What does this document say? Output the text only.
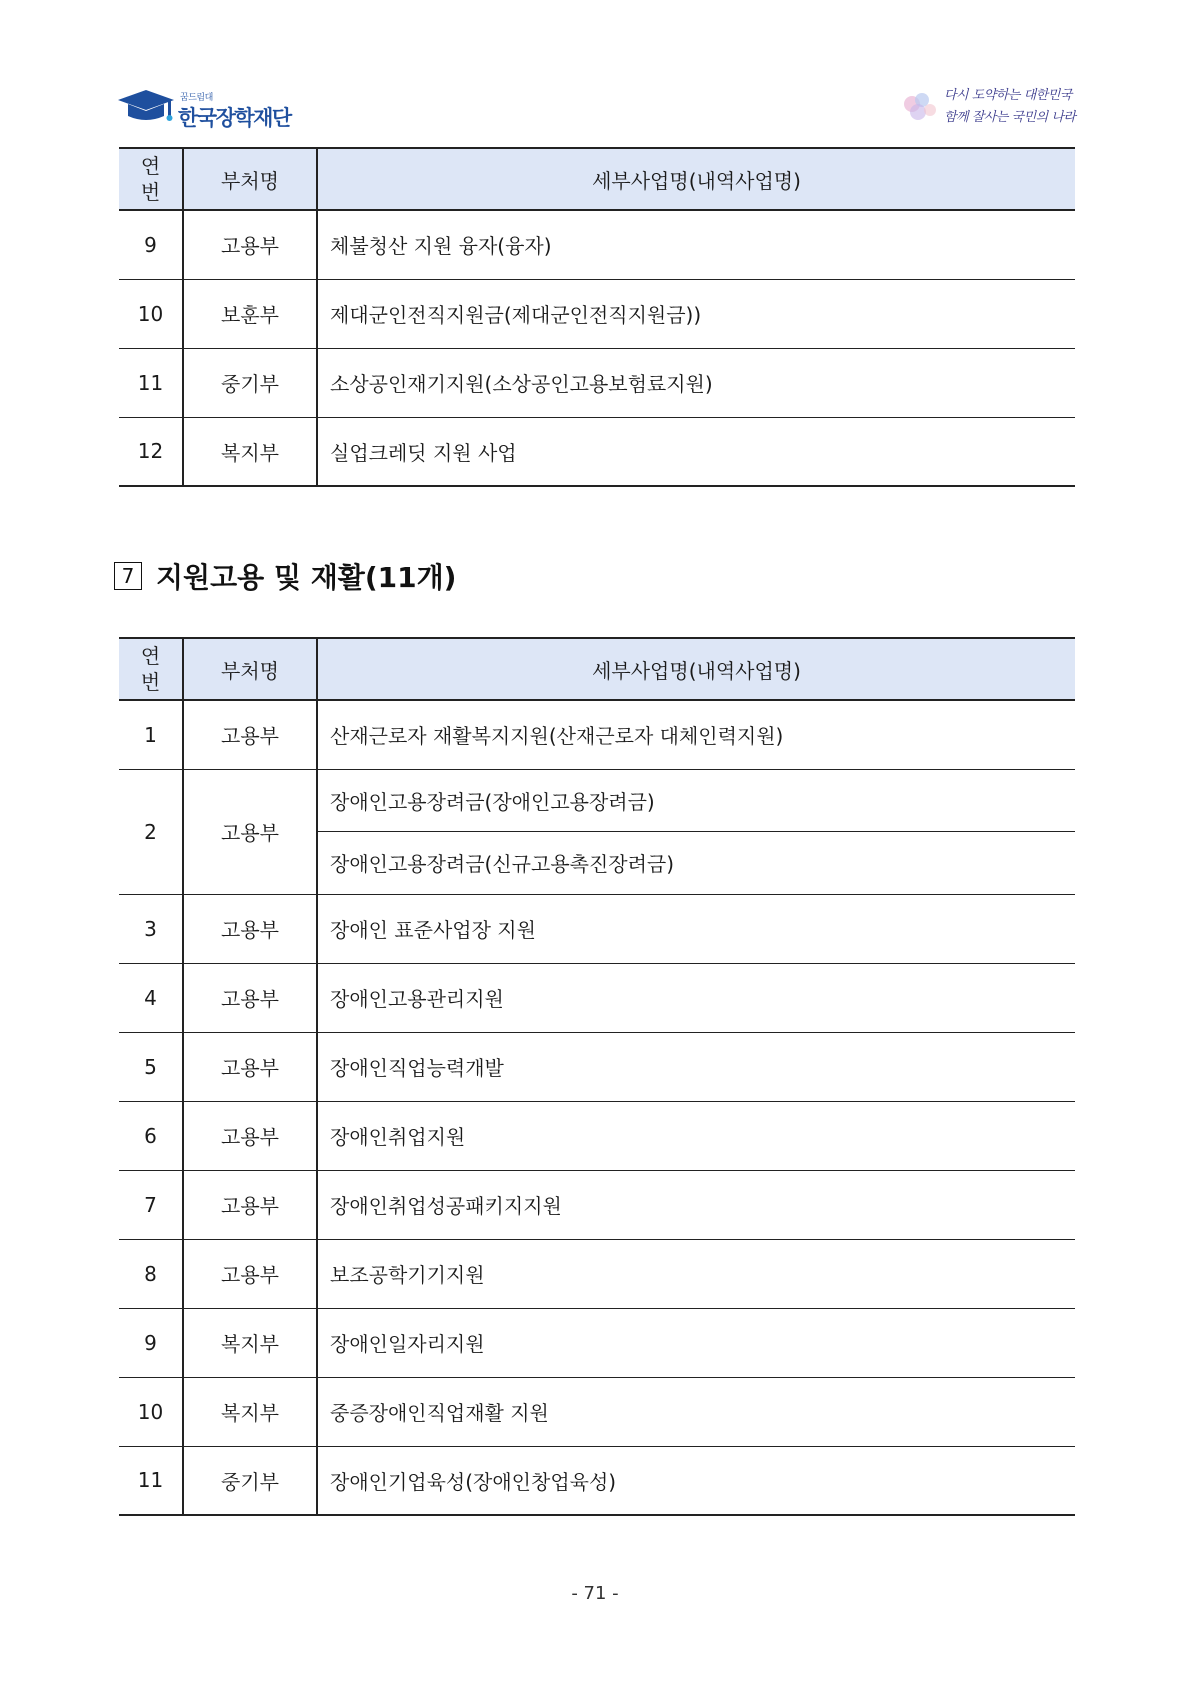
꿈드림대
한국장학재단
다시 도약하는 대한민국
함께 잘사는 국민의 나라
연
번	부처명	세부사업명(내역사업명)
9	고용부	체불청산 지원 융자(융자)
10	보훈부	제대군인전직지원금(제대군인전직지원금))
11	중기부	소상공인재기지원(소상공인고용보험료지원)
12	복지부	실업크레딧 지원 사업
7 지원고용 및 재활(11개)
연
번	부처명	세부사업명(내역사업명)
1	고용부	산재근로자 재활복지지원(산재근로자 대체인력지원)
2	고용부	장애인고용장려금(장애인고용장려금)
		장애인고용장려금(신규고용촉진장려금)
3	고용부	장애인 표준사업장 지원
4	고용부	장애인고용관리지원
5	고용부	장애인직업능력개발
6	고용부	장애인취업지원
7	고용부	장애인취업성공패키지지원
8	고용부	보조공학기기지원
9	복지부	장애인일자리지원
10	복지부	중증장애인직업재활 지원
11	중기부	장애인기업육성(장애인창업육성)
- 71 -
